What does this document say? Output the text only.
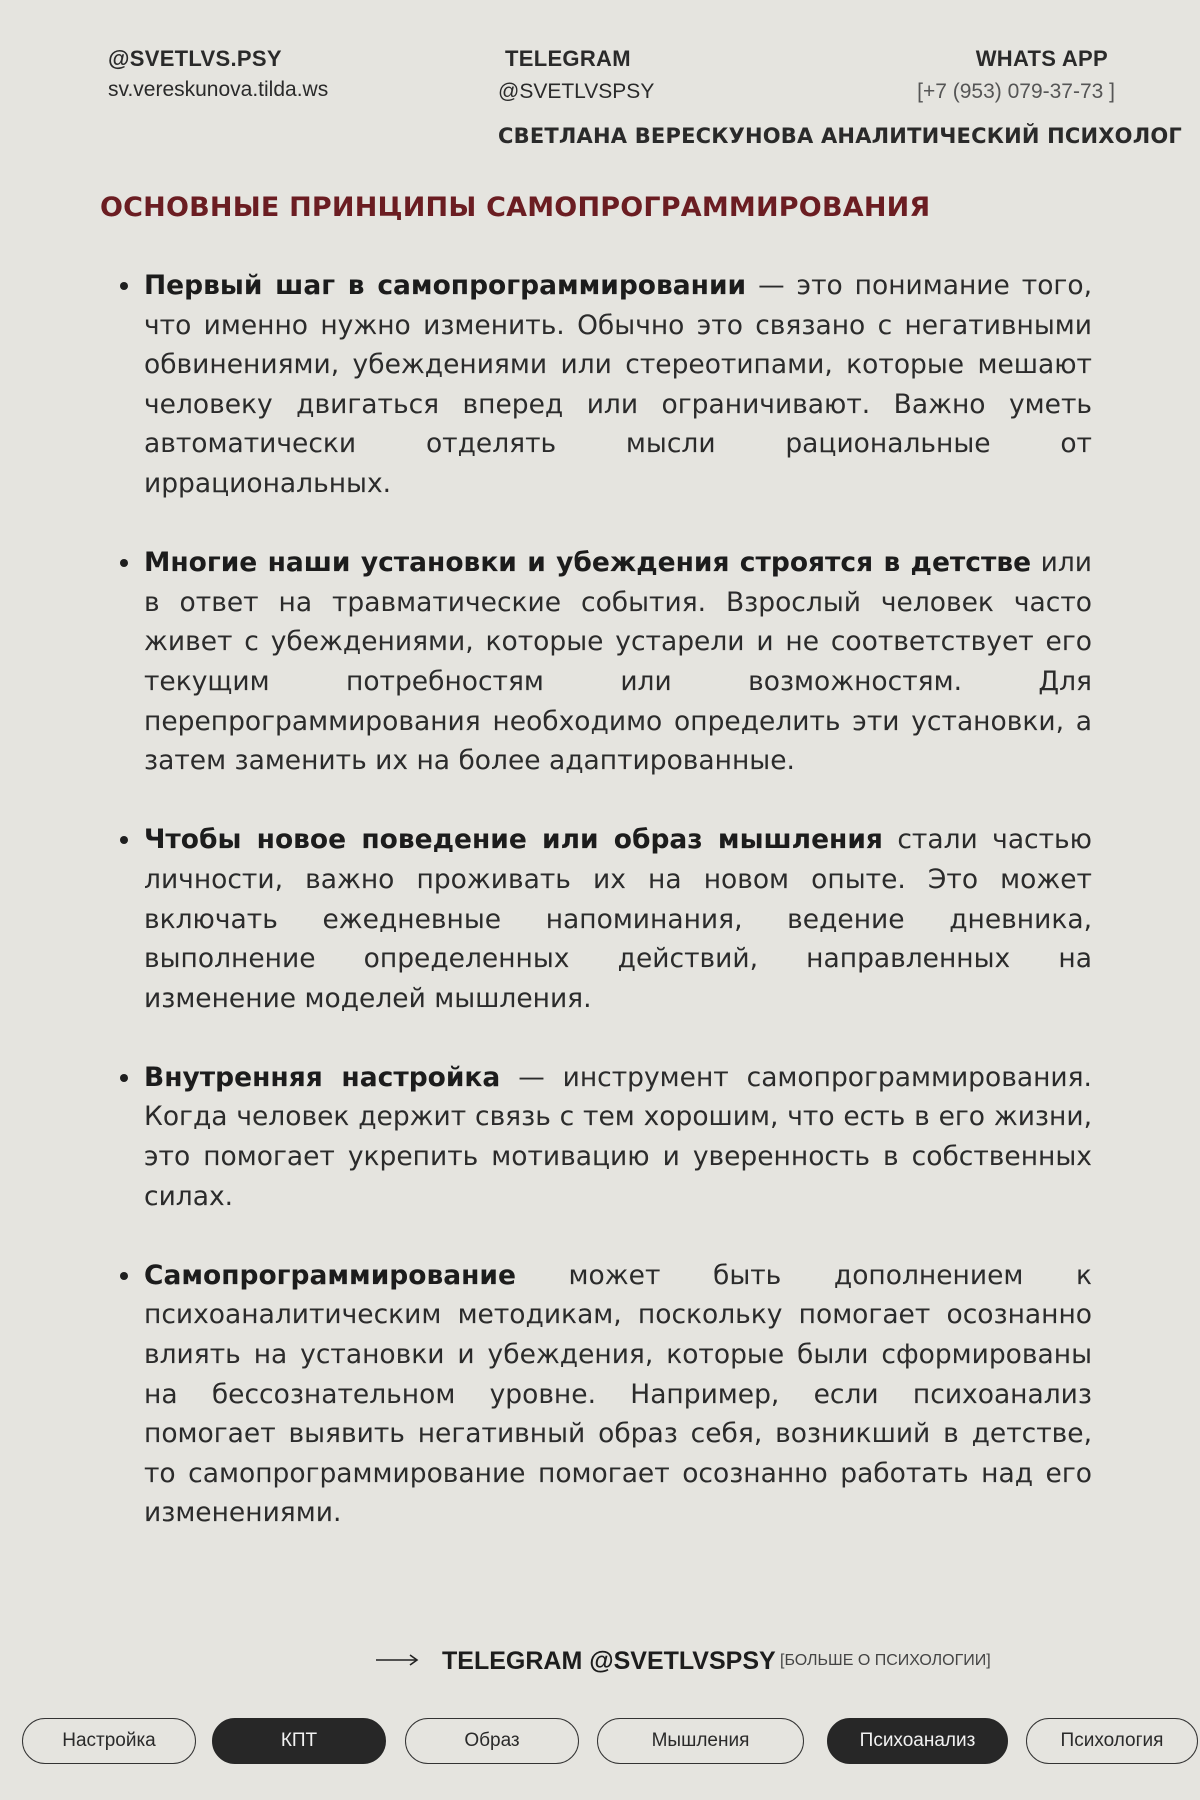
@SVETLVS.PSY
sv.vereskunova.tilda.ws
TELEGRAM
@SVETLVSPSY
WHATS APP
[+7 (953) 079-37-73 ]
СВЕТЛАНА ВЕРЕСКУНОВА АНАЛИТИЧЕСКИЙ ПСИХОЛОГ
ОСНОВНЫЕ ПРИНЦИПЫ САМОПРОГРАММИРОВАНИЯ
Первый шаг в самопрограммировании — это понимание того, что именно нужно изменить. Обычно это связано с негативными обвинениями, убеждениями или стереотипами, которые мешают человеку двигаться вперед или ограничивают. Важно уметь автоматически отделять мысли рациональные от иррациональных.
Многие наши установки и убеждения строятся в детстве или в ответ на травматические события. Взрослый человек часто живет с убеждениями, которые устарели и не соответствует его текущим потребностям или возможностям. Для перепрограммирования необходимо определить эти установки, а затем заменить их на более адаптированные.
Чтобы новое поведение или образ мышления стали частью личности, важно проживать их на новом опыте. Это может включать ежедневные напоминания, ведение дневника, выполнение определенных действий, направленных на изменение моделей мышления.
Внутренняя настройка — инструмент самопрограммирования. Когда человек держит связь с тем хорошим, что есть в его жизни, это помогает укрепить мотивацию и уверенность в собственных силах.
Самопрограммирование может быть дополнением к психоаналитическим методикам, поскольку помогает осознанно влиять на установки и убеждения, которые были сформированы на бессознательном уровне. Например, если психоанализ помогает выявить негативный образ себя, возникший в детстве, то самопрограммирование помогает осознанно работать над его изменениями.
TELEGRAM @SVETLVSPSY [БОЛЬШЕ О ПСИХОЛОГИИ]
Настройка	КПТ	Образ	Мышления	Психоанализ	Психология
